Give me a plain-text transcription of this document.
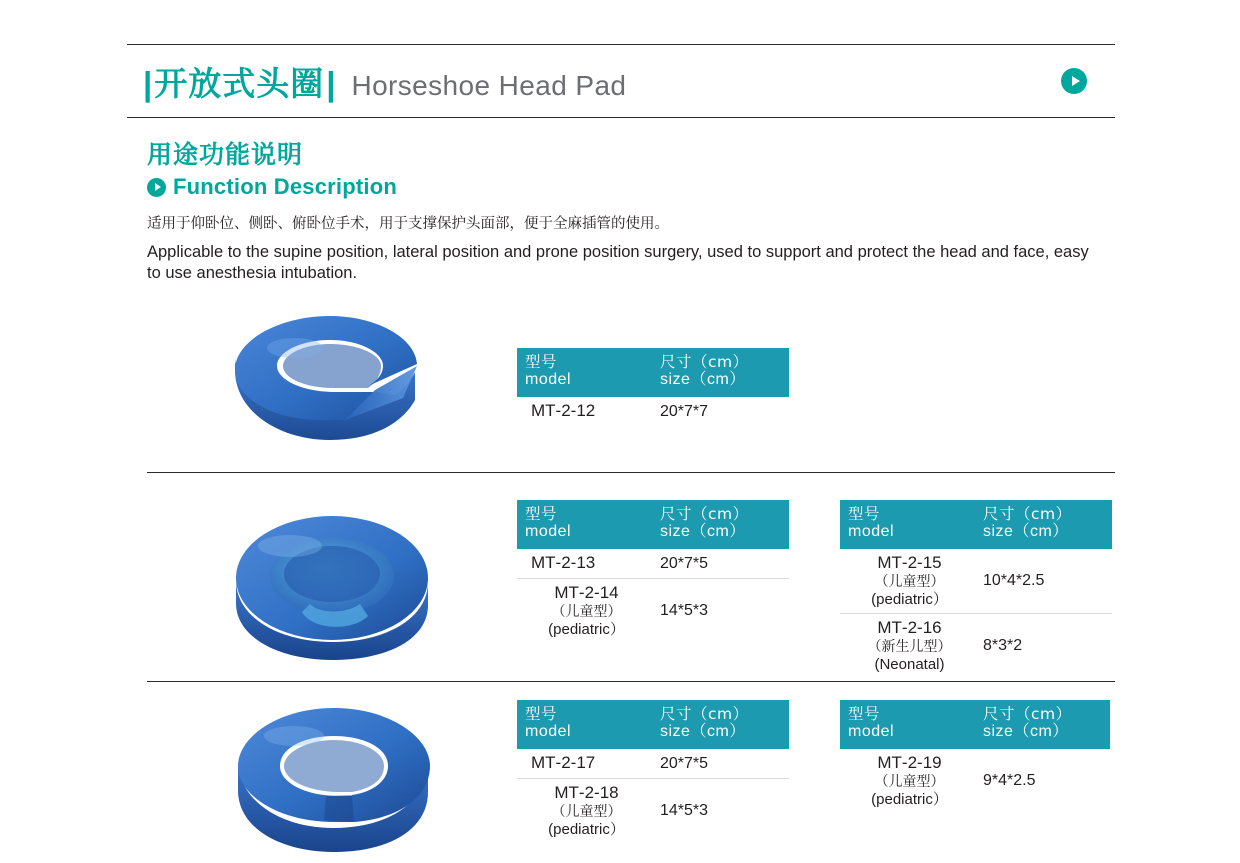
| 开放式头圈 | Horseshoe Head Pad
用途功能说明
Function Description
适用于仰卧位、侧卧、俯卧位手术，用于支撑保护头面部，便于全麻插管的使用。
Applicable to the supine position, lateral position and prone position surgery, used to support and protect the head and face, easy to use anesthesia intubation.
型号
model

尺寸（cm）
size（cm）

MT‑2‑12	20*7*7
型号
model

尺寸（cm）
size（cm）

MT‑2‑13	20*7*5

MT‑2‑14
（儿童型）
(pediatric）	14*5*3
型号
model

尺寸（cm）
size（cm）

MT‑2‑15
（儿童型）
(pediatric）	10*4*2.5

MT‑2‑16
（新生儿型）
(Neonatal)	8*3*2
型号
model

尺寸（cm）
size（cm）

MT‑2‑17	20*7*5

MT‑2‑18
（儿童型）
(pediatric）	14*5*3
型号
model

尺寸（cm）
size（cm）

MT‑2‑19
（儿童型）
(pediatric）	9*4*2.5
